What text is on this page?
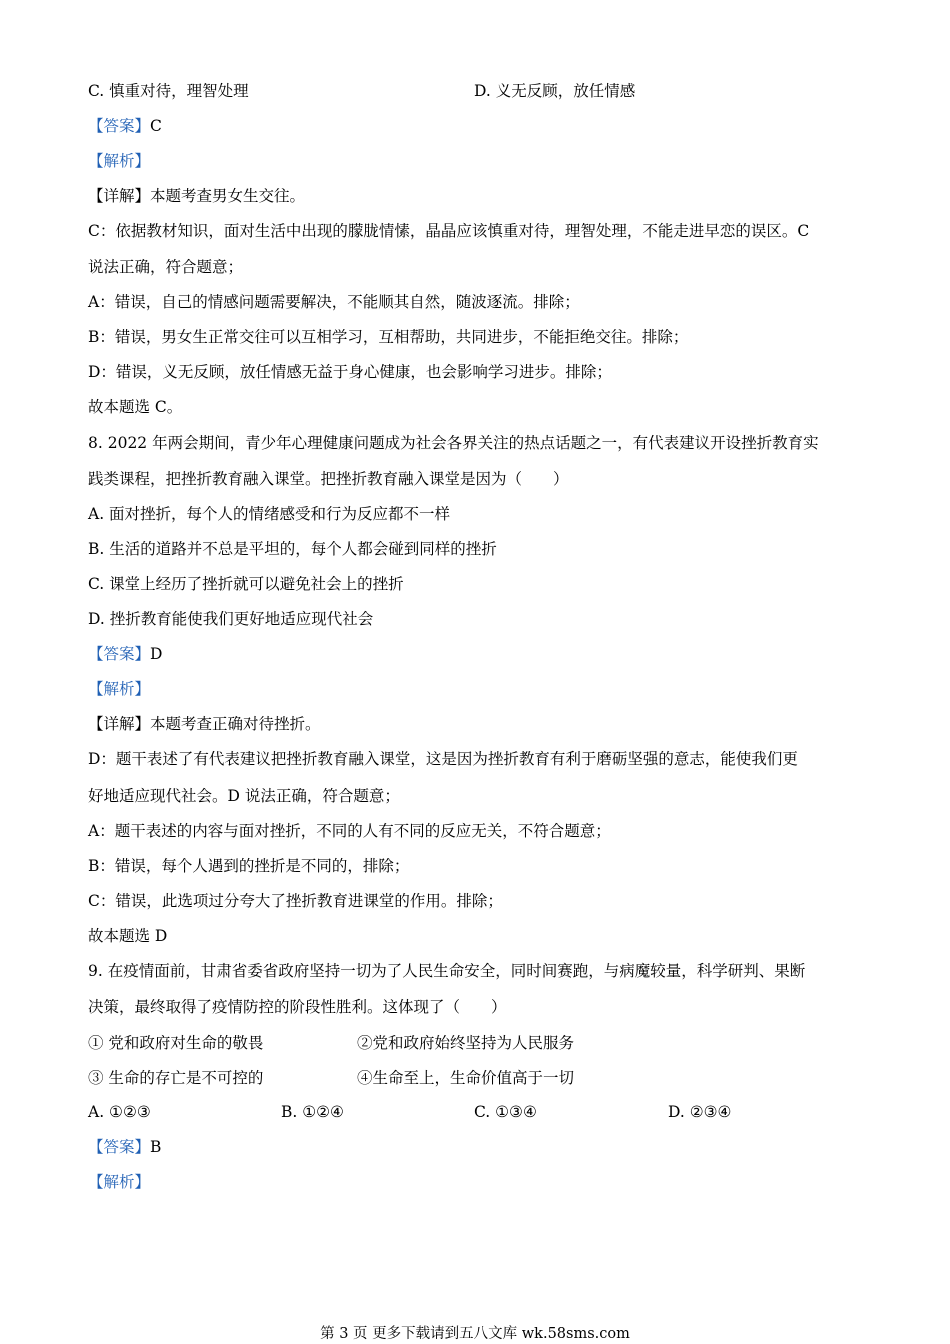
C. 慎重对待，理智处理	D. 义无反顾，放任情感
【答案】C
【解析】
【详解】本题考查男女生交往。
C：依据教材知识，面对生活中出现的朦胧情愫，晶晶应该慎重对待，理智处理，不能走进早恋的误区。C
说法正确，符合题意；
A：错误，自己的情感问题需要解决，不能顺其自然，随波逐流。排除；
B：错误，男女生正常交往可以互相学习，互相帮助，共同进步，不能拒绝交往。排除；
D：错误，义无反顾，放任情感无益于身心健康，也会影响学习进步。排除；
故本题选 C。
8. 2022 年两会期间，青少年心理健康问题成为社会各界关注的热点话题之一，有代表建议开设挫折教育实
践类课程，把挫折教育融入课堂。把挫折教育融入课堂是因为（　　）
A. 面对挫折，每个人的情绪感受和行为反应都不一样
B. 生活的道路并不总是平坦的，每个人都会碰到同样的挫折
C. 课堂上经历了挫折就可以避免社会上的挫折
D. 挫折教育能使我们更好地适应现代社会
【答案】D
【解析】
【详解】本题考查正确对待挫折。
D：题干表述了有代表建议把挫折教育融入课堂，这是因为挫折教育有利于磨砺坚强的意志，能使我们更
好地适应现代社会。D 说法正确，符合题意；
A：题干表述的内容与面对挫折，不同的人有不同的反应无关，不符合题意；
B：错误，每个人遇到的挫折是不同的，排除；
C：错误，此选项过分夸大了挫折教育进课堂的作用。排除；
故本题选 D
9. 在疫情面前，甘肃省委省政府坚持一切为了人民生命安全，同时间赛跑，与病魔较量，科学研判、果断
决策，最终取得了疫情防控的阶段性胜利。这体现了（　　）
① 党和政府对生命的敬畏	②党和政府始终坚持为人民服务
③ 生命的存亡是不可控的	④生命至上，生命价值高于一切
A. ①②③	B. ①②④	C. ①③④	D. ②③④
【答案】B
【解析】
第 3 页 更多下载请到五八文库 wk.58sms.com
